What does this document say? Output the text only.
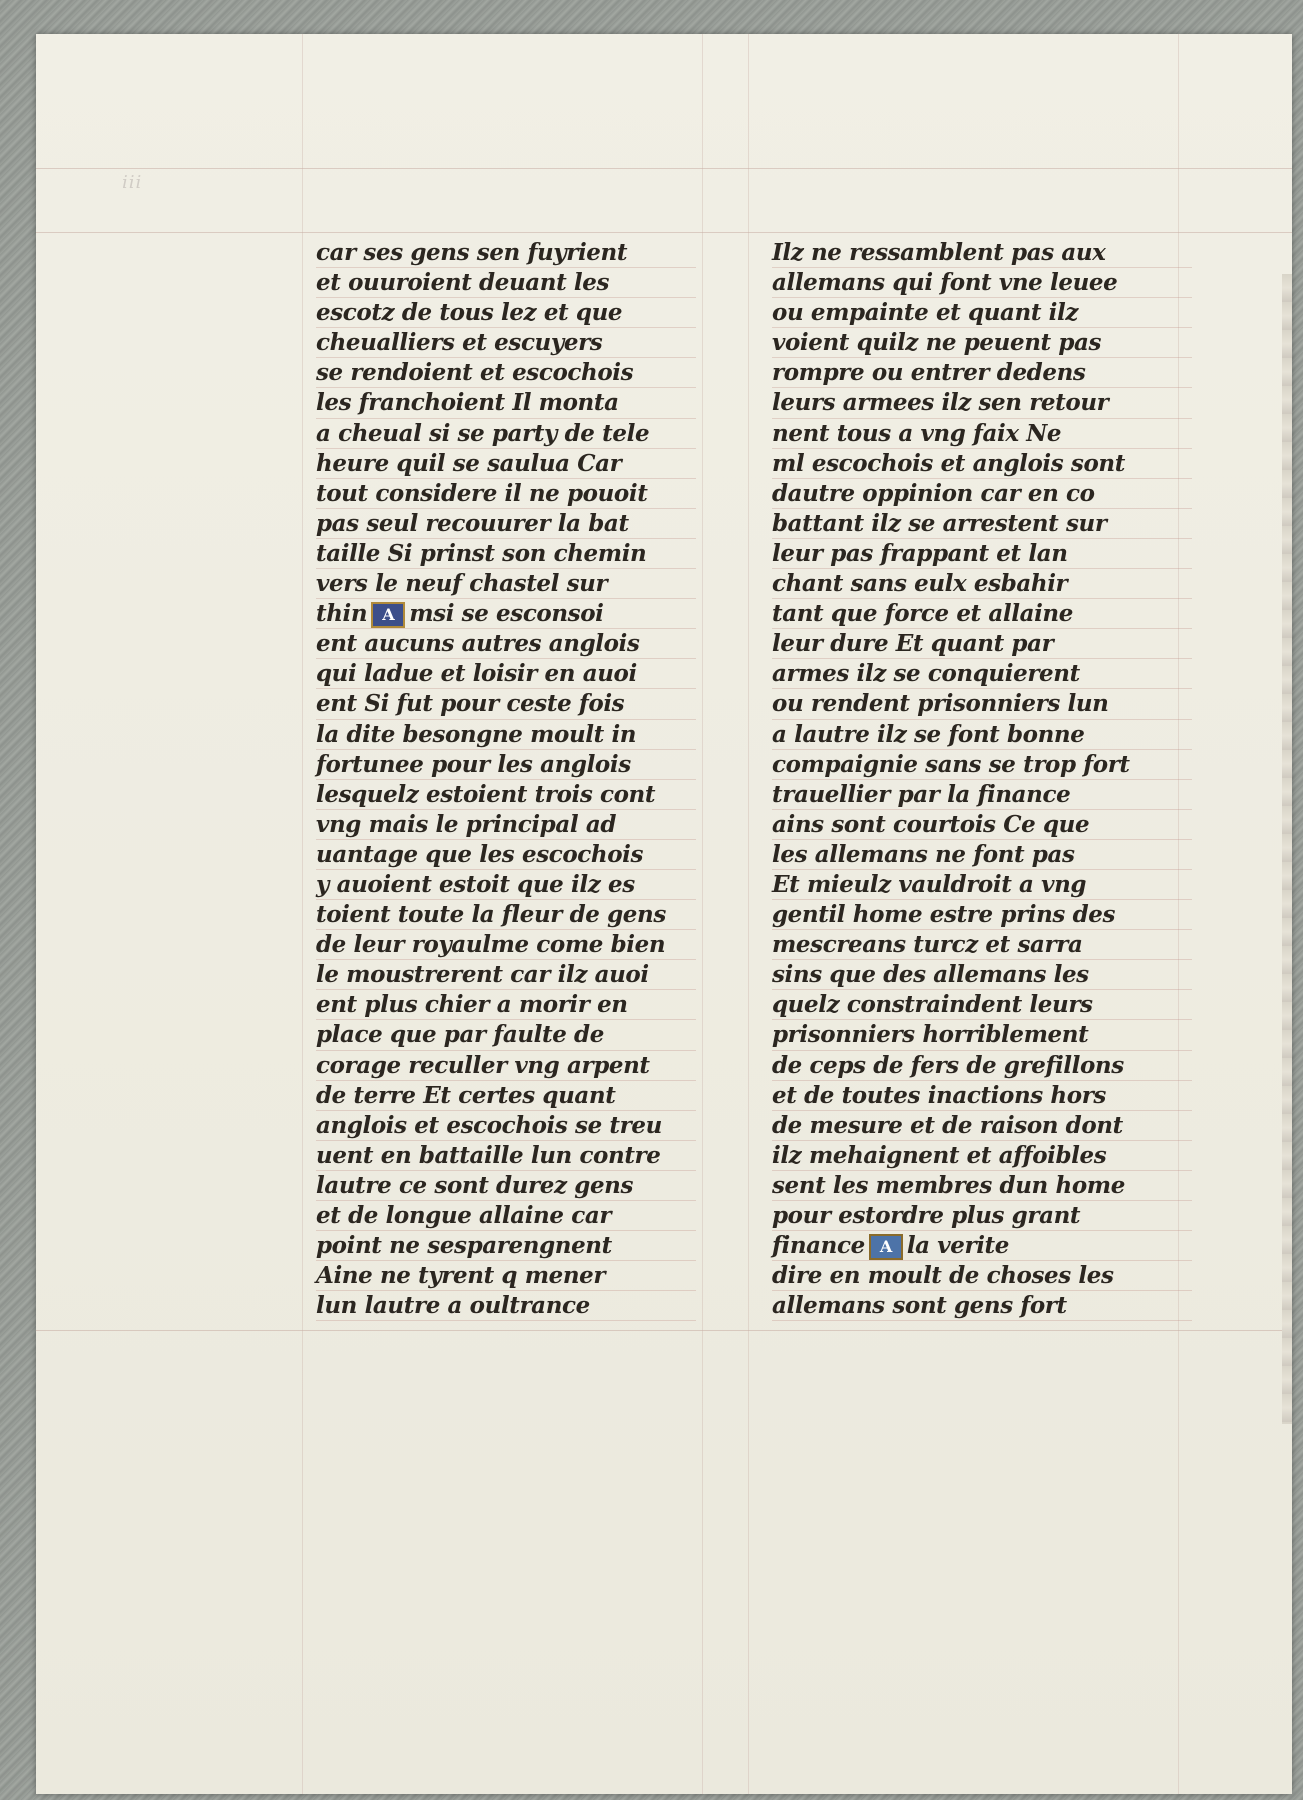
iii
car ses gens sen fuyrient
et ouuroient deuant les
escotz de tous lez et que
cheualliers et escuyers
se rendoient et escochois
les franchoient Il monta
a cheual si se party de tele
heure quil se saulua Car
tout considere il ne pouoit
pas seul recouurer la bat
taille Si prinst son chemin
vers le neuf chastel sur
thin A msi se esconsoi
ent aucuns autres anglois
qui ladue et loisir en auoi
ent Si fut pour ceste fois
la dite besongne moult in
fortunee pour les anglois
lesquelz estoient trois cont
vng mais le principal ad
uantage que les escochois
y auoient estoit que ilz es
toient toute la fleur de gens
de leur royaulme come bien
le moustrerent car ilz auoi
ent plus chier a morir en
place que par faulte de
corage reculler vng arpent
de terre Et certes quant
anglois et escochois se treu
uent en battaille lun contre
lautre ce sont durez gens
et de longue allaine car
point ne sesparengnent
Aine ne tyrent q mener
lun lautre a oultrance
Ilz ne ressamblent pas aux
allemans qui font vne leuee
ou empainte et quant ilz
voient quilz ne peuent pas
rompre ou entrer dedens
leurs armees ilz sen retour
nent tous a vng faix Ne
ml escochois et anglois sont
dautre oppinion car en co
battant ilz se arrestent sur
leur pas frappant et lan
chant sans eulx esbahir
tant que force et allaine
leur dure Et quant par
armes ilz se conquierent
ou rendent prisonniers lun
a lautre ilz se font bonne
compaignie sans se trop fort
trauellier par la finance
ains sont courtois Ce que
les allemans ne font pas
Et mieulz vauldroit a vng
gentil home estre prins des
mescreans turcz et sarra
sins que des allemans les
quelz constraindent leurs
prisonniers horriblement
de ceps de fers de grefillons
et de toutes inactions hors
de mesure et de raison dont
ilz mehaignent et affoibles
sent les membres dun home
pour estordre plus grant
finance A la verite
dire en moult de choses les
allemans sont gens fort
